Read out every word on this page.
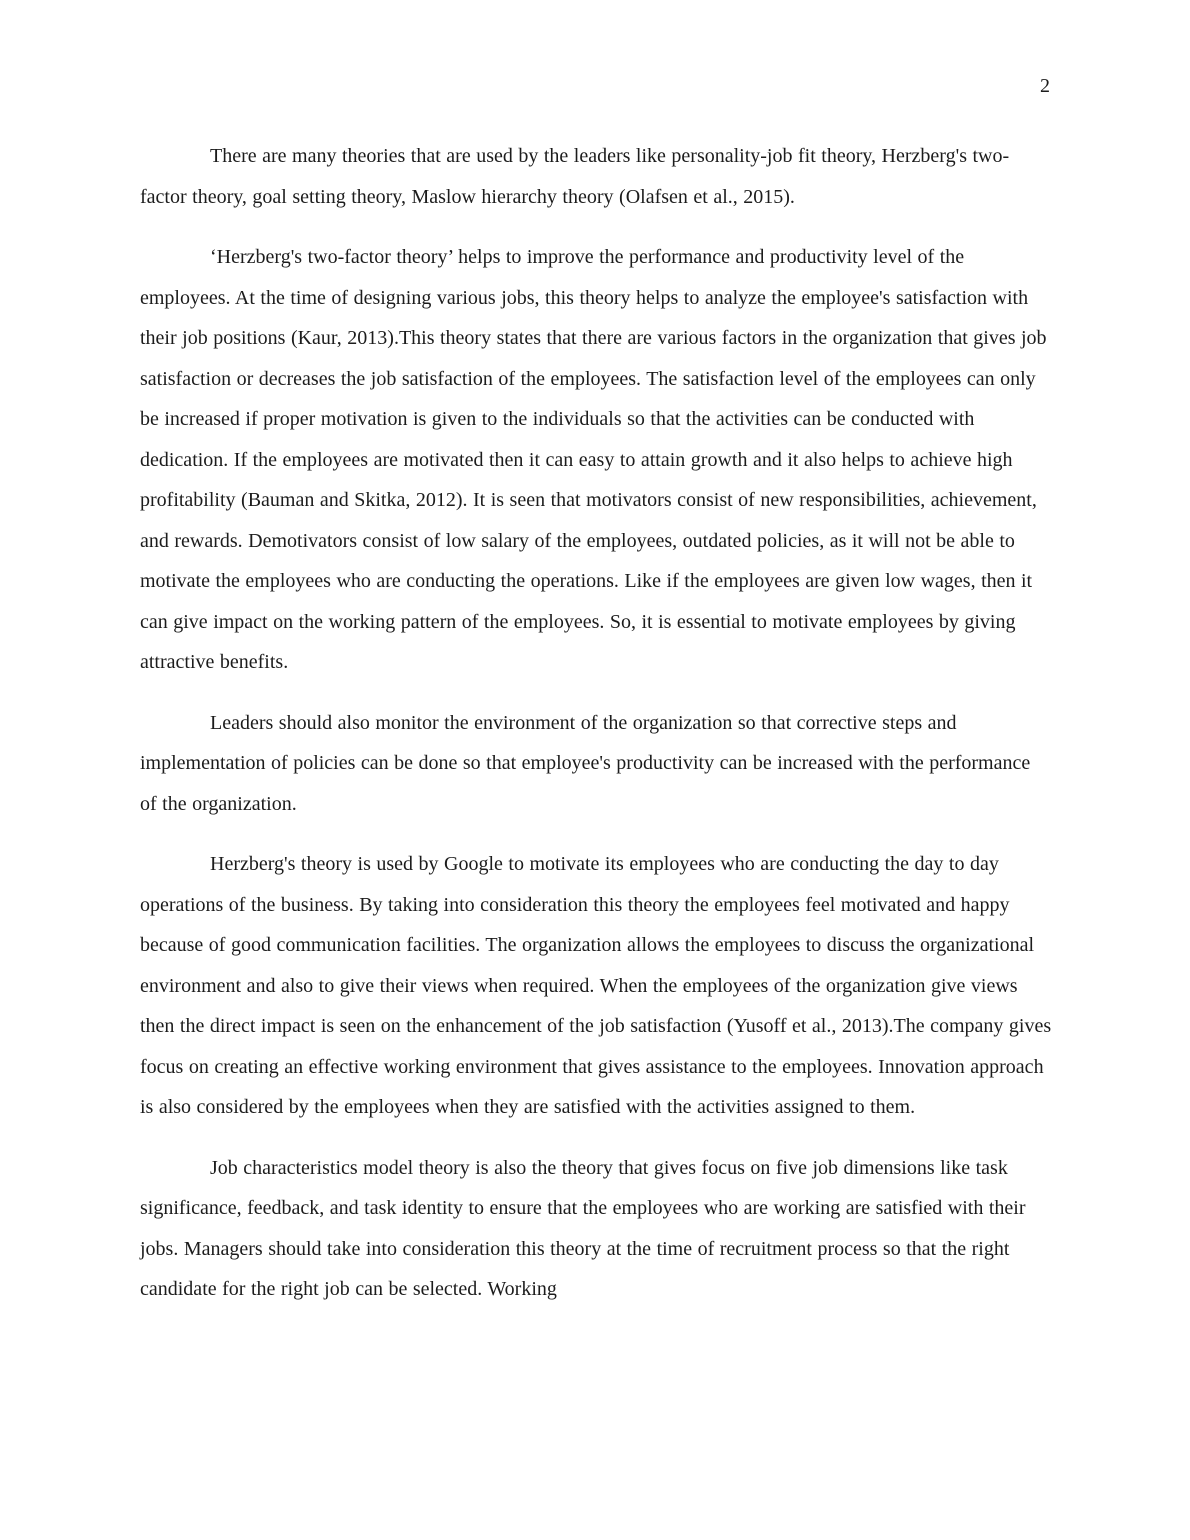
2

There are many theories that are used by the leaders like personality-job fit theory, Herzberg's two-factor theory, goal setting theory, Maslow hierarchy theory (Olafsen et al., 2015).

‘Herzberg's two-factor theory’ helps to improve the performance and productivity level of the employees. At the time of designing various jobs, this theory helps to analyze the employee's satisfaction with their job positions (Kaur, 2013).This theory states that there are various factors in the organization that gives job satisfaction or decreases the job satisfaction of the employees. The satisfaction level of the employees can only be increased if proper motivation is given to the individuals so that the activities can be conducted with dedication. If the employees are motivated then it can easy to attain growth and it also helps to achieve high profitability (Bauman and Skitka, 2012). It is seen that motivators consist of new responsibilities, achievement, and rewards. Demotivators consist of low salary of the employees, outdated policies, as it will not be able to motivate the employees who are conducting the operations. Like if the employees are given low wages, then it can give impact on the working pattern of the employees. So, it is essential to motivate employees by giving attractive benefits.

Leaders should also monitor the environment of the organization so that corrective steps and implementation of policies can be done so that employee's productivity can be increased with the performance of the organization.

Herzberg's theory is used by Google to motivate its employees who are conducting the day to day operations of the business. By taking into consideration this theory the employees feel motivated and happy because of good communication facilities. The organization allows the employees to discuss the organizational environment and also to give their views when required. When the employees of the organization give views then the direct impact is seen on the enhancement of the job satisfaction (Yusoff et al., 2013).The company gives focus on creating an effective working environment that gives assistance to the employees. Innovation approach is also considered by the employees when they are satisfied with the activities assigned to them.

Job characteristics model theory is also the theory that gives focus on five job dimensions like task significance, feedback, and task identity to ensure that the employees who are working are satisfied with their jobs. Managers should take into consideration this theory at the time of recruitment process so that the right candidate for the right job can be selected. Working
